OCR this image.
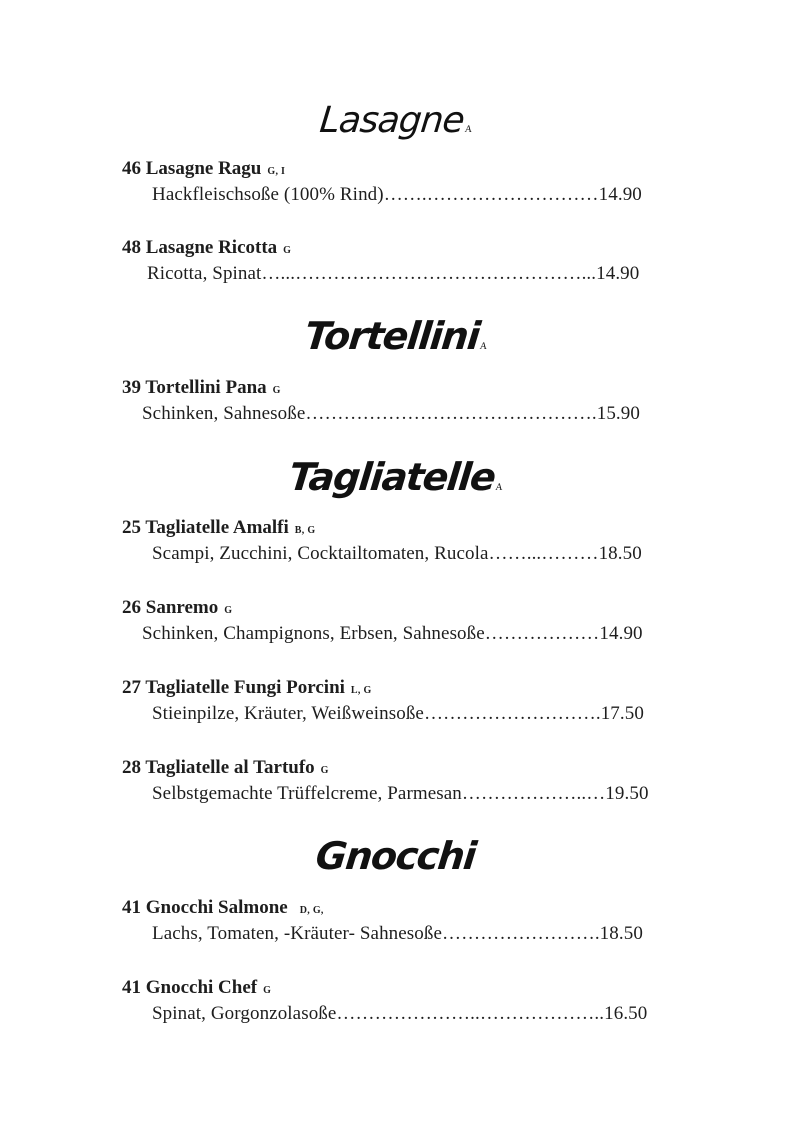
LasagneA
46 Lasagne Ragu G, I
Hackfleischsoße (100% Rind)…….………………………14.90
48 Lasagne Ricotta G
Ricotta, Spinat…...………………………………………...14.90
TortelliniA
39 Tortellini Pana G
Schinken, Sahnesoße……………………………………….15.90
TagliatelleA
25 Tagliatelle Amalfi B, G
Scampi, Zucchini, Cocktailtomaten, Rucola……...………18.50
26 Sanremo G
Schinken, Champignons, Erbsen, Sahnesoße………………14.90
27 Tagliatelle Fungi Porcini L, G
Stieinpilze, Kräuter, Weißweinsoße……………………….17.50
28 Tagliatelle al Tartufo G
Selbstgemachte Trüffelcreme, Parmesan………………..…19.50
Gnocchi
41 Gnocchi Salmone D, G,
Lachs, Tomaten, -Kräuter- Sahnesoße…………………….18.50
41 Gnocchi Chef G
Spinat, Gorgonzolasoße…………………..………………..16.50
